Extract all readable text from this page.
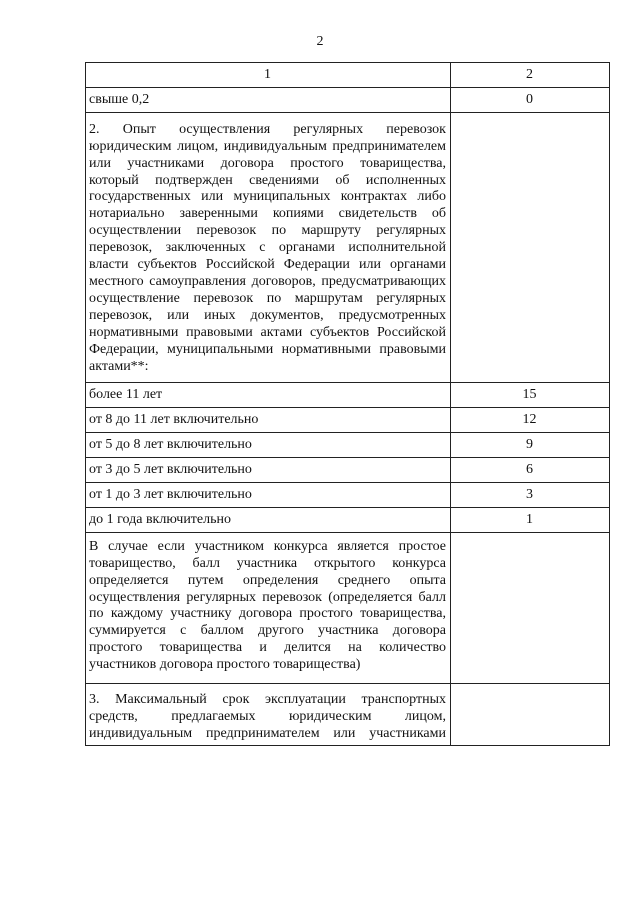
2
1	2
свыше 0,2	0
2. Опыт осуществления регулярных перевозок юридическим лицом, индивидуальным предпринимателем или участниками договора простого товарищества, который подтвержден сведениями об исполненных государственных или муниципальных контрактах либо нотариально заверенными копиями свидетельств об осуществлении перевозок по маршруту регулярных перевозок, заключенных с органами исполнительной власти субъектов Российской Федерации или органами местного самоуправления договоров, предусматривающих осуществление перевозок по маршрутам регулярных перевозок, или иных документов, предусмотренных нормативными правовыми актами субъектов Российской Федерации, муниципальными нормативными правовыми актами**:	
более 11 лет	15
от 8 до 11 лет включительно	12
от 5 до 8 лет включительно	9
от 3 до 5 лет включительно	6
от 1 до 3 лет включительно	3
до 1 года включительно	1
В случае если участником конкурса является простое товарищество, балл участника открытого конкурса определяется путем определения среднего опыта осуществления регулярных перевозок (определяется балл по каждому участнику договора простого товарищества, суммируется с баллом другого участника договора простого товарищества и делится на количество участников договора простого товарищества)	
3. Максимальный срок эксплуатации транспортных средств, предлагаемых юридическим лицом, индивидуальным предпринимателем или участниками	
